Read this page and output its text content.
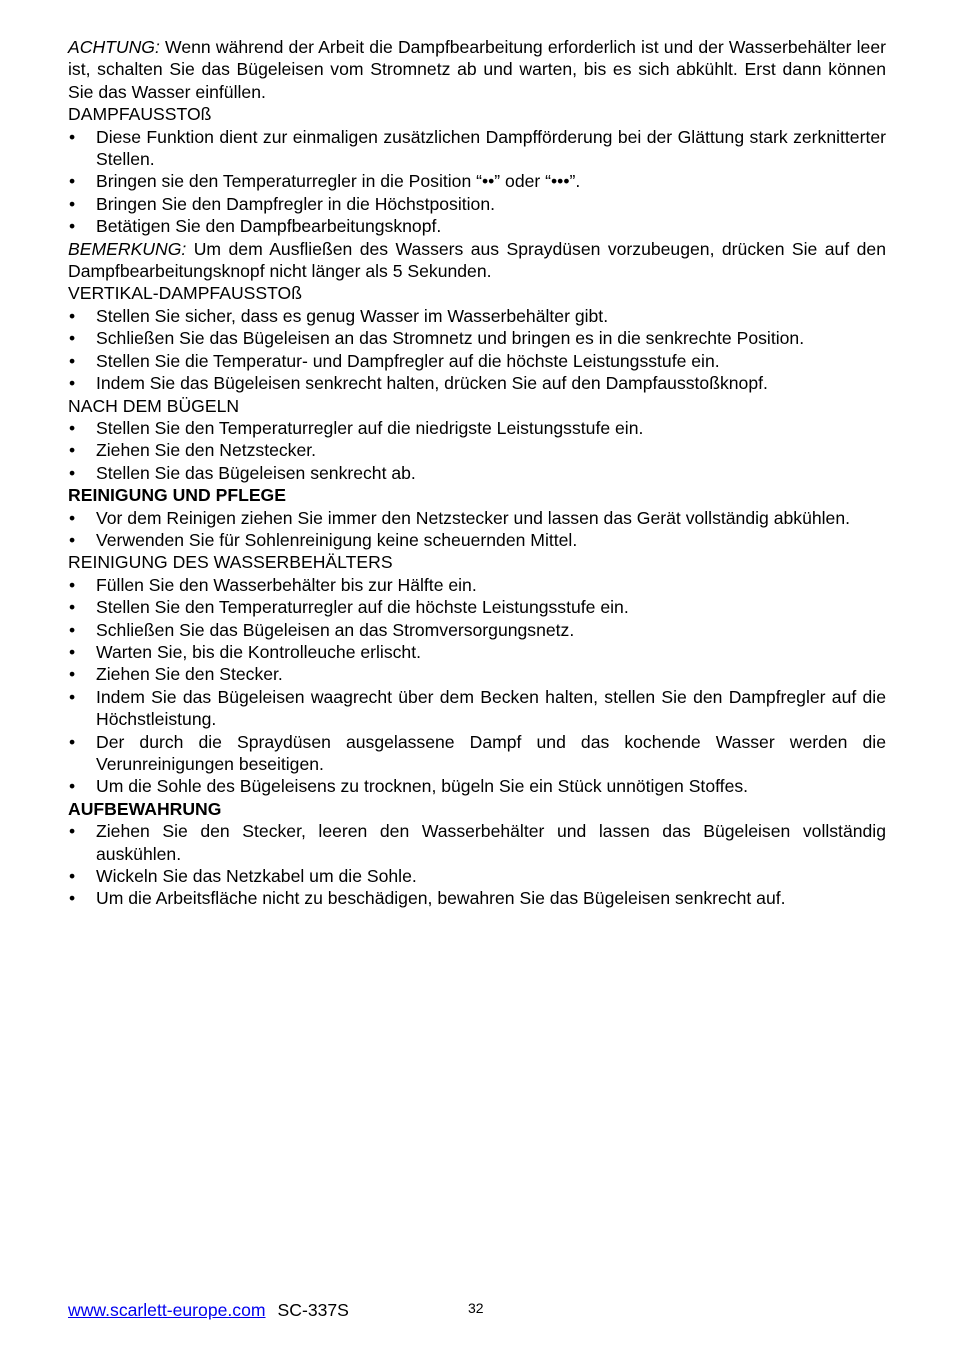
ACHTUNG: Wenn während der Arbeit die Dampfbearbeitung erforderlich ist und der Wasserbehälter leer ist, schalten Sie das Bügeleisen vom Stromnetz ab und warten, bis es sich abkühlt. Erst dann können Sie das Wasser einfüllen.

DAMPFAUSSTOß
• Diese Funktion dient zur einmaligen zusätzlichen Dampfförderung bei der Glättung stark zerknitterter Stellen.
• Bringen sie den Temperaturregler in die Position “••” oder “•••”.
• Bringen Sie den Dampfregler in die Höchstposition.
• Betätigen Sie den Dampfbearbeitungsknopf.

BEMERKUNG: Um dem Ausfließen des Wassers aus Spraydüsen vorzubeugen, drücken Sie auf den Dampfbearbeitungsknopf nicht länger als 5 Sekunden.

VERTIKAL-DAMPFAUSSTOß
• Stellen Sie sicher, dass es genug Wasser im Wasserbehälter gibt.
• Schließen Sie das Bügeleisen an das Stromnetz und bringen es in die senkrechte Position.
• Stellen Sie die Temperatur- und Dampfregler auf die höchste Leistungsstufe ein.
• Indem Sie das Bügeleisen senkrecht halten, drücken Sie auf den Dampfausstoßknopf.
NACH DEM BÜGELN
• Stellen Sie den Temperaturregler auf die niedrigste Leistungsstufe ein.
• Ziehen Sie den Netzstecker.
• Stellen Sie das Bügeleisen senkrecht ab.
REINIGUNG UND PFLEGE
• Vor dem Reinigen ziehen Sie immer den Netzstecker und lassen das Gerät vollständig abkühlen.
• Verwenden Sie für Sohlenreinigung keine scheuernden Mittel.
REINIGUNG DES WASSERBEHÄLTERS
• Füllen Sie den Wasserbehälter bis zur Hälfte ein.
• Stellen Sie den Temperaturregler auf die höchste Leistungsstufe ein.
• Schließen Sie das Bügeleisen an das Stromversorgungsnetz.
• Warten Sie, bis die Kontrolleuche erlischt.
• Ziehen Sie den Stecker.
• Indem Sie das Bügeleisen waagrecht über dem Becken halten, stellen Sie den Dampfregler auf die Höchstleistung.
• Der durch die Spraydüsen ausgelassene Dampf und das kochende Wasser werden die Verunreinigungen beseitigen.
• Um die Sohle des Bügeleisens zu trocknen, bügeln Sie ein Stück unnötigen Stoffes.
AUFBEWAHRUNG
• Ziehen Sie den Stecker, leeren den Wasserbehälter und lassen das Bügeleisen vollständig auskühlen.
• Wickeln Sie das Netzkabel um die Sohle.
• Um die Arbeitsfläche nicht zu beschädigen, bewahren Sie das Bügeleisen senkrecht auf.
www.scarlett-europe.com SC-337S	32
